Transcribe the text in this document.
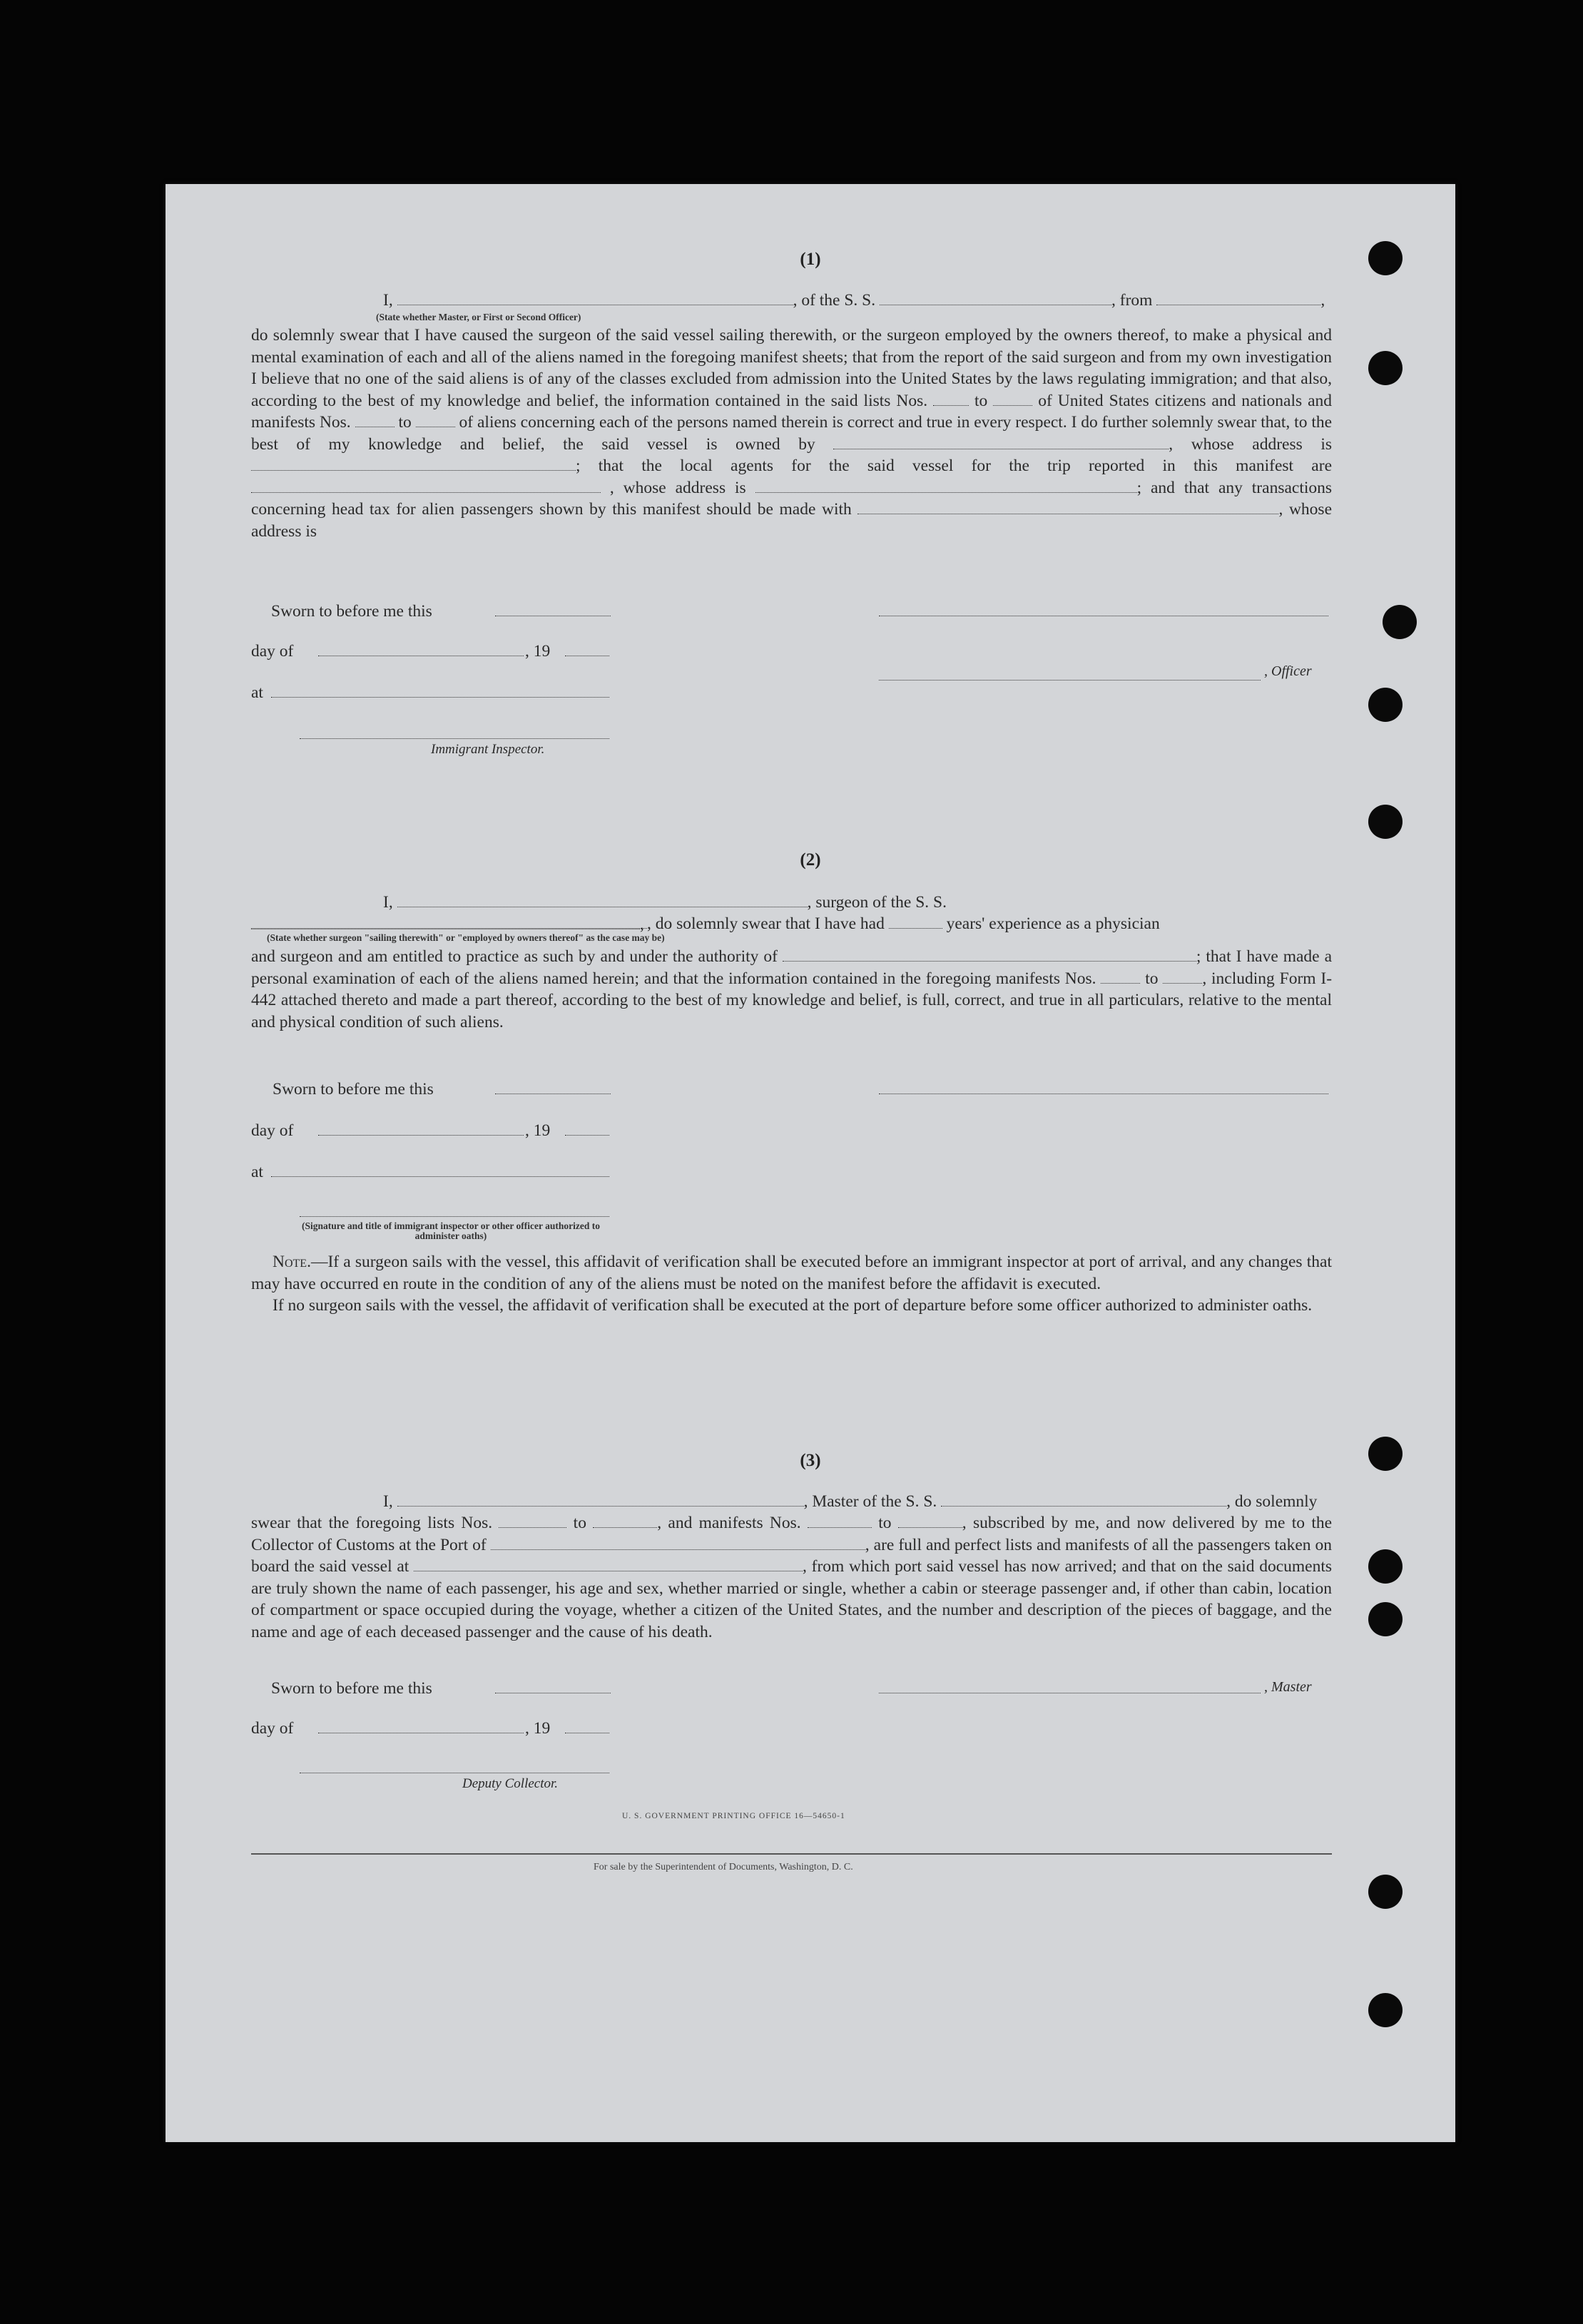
(1)
I,	, of the S. S.	, from	,
(State whether Master, or First or Second Officer)

do solemnly swear that I have caused the surgeon of the said vessel sailing therewith, or the surgeon employed by the owners thereof, to make a physical and mental examination of each and all of the aliens named in the foregoing manifest sheets; that from the report of the said surgeon and from my own investigation I believe that no one of the said aliens is of any of the classes excluded from admission into the United States by the laws regulating immigration; and that also, according to the best of my knowledge and belief, the information contained in the said lists Nos.	to	of United States citizens and nationals and manifests Nos.	to	of aliens concerning each of the persons named therein is correct and true in every respect. I do further solemnly swear that, to the best of my knowledge and belief, the said vessel is owned by	, whose address is ; that the local agents for the said vessel for the trip reported in this manifest are  , whose address is	; and that any transactions concerning head tax for alien passengers shown by this manifest should be made with	, whose address is

Sworn to before me this
day of	, 19
, Officer
at
Immigrant Inspector.
(2)
I,	, surgeon of the S. S. , , do solemnly swear that I have had	years' experience as a physician
(State whether surgeon "sailing therewith" or "employed by owners thereof" as the case may be)

and surgeon and am entitled to practice as such by and under the authority of	; that I have made a personal examination of each of the aliens named herein; and that the information contained in the foregoing manifests Nos.	to	, including Form I-442 attached thereto and made a part thereof, according to the best of my knowledge and belief, is full, correct, and true in all particulars, relative to the mental and physical condition of such aliens.

Sworn to before me this
day of	, 19
at
(Signature and title of immigrant inspector or other officer authorized to administer oaths)

Note.—If a surgeon sails with the vessel, this affidavit of verification shall be executed before an immigrant inspector at port of arrival, and any changes that may have occurred en route in the condition of any of the aliens must be noted on the manifest before the affidavit is executed.

If no surgeon sails with the vessel, the affidavit of verification shall be executed at the port of departure before some officer authorized to administer oaths.

(3)
I,	, Master of the S. S.	, do solemnly

swear that the foregoing lists Nos.	to	, and manifests Nos.	to	, subscribed by me, and now delivered by me to the Collector of Customs at the Port of	, are full and perfect lists and manifests of all the passengers taken on board the said vessel at	, from which port said vessel has now arrived; and that on the said documents are truly shown the name of each passenger, his age and sex, whether married or single, whether a cabin or steerage passenger and, if other than cabin, location of compartment or space occupied during the voyage, whether a citizen of the United States, and the number and description of the pieces of baggage, and the name and age of each deceased passenger and the cause of his death.

Sworn to before me this	, Master
day of	, 19
Deputy Collector.
U. S. GOVERNMENT PRINTING OFFICE 16—54650-1
For sale by the Superintendent of Documents, Washington, D. C.
